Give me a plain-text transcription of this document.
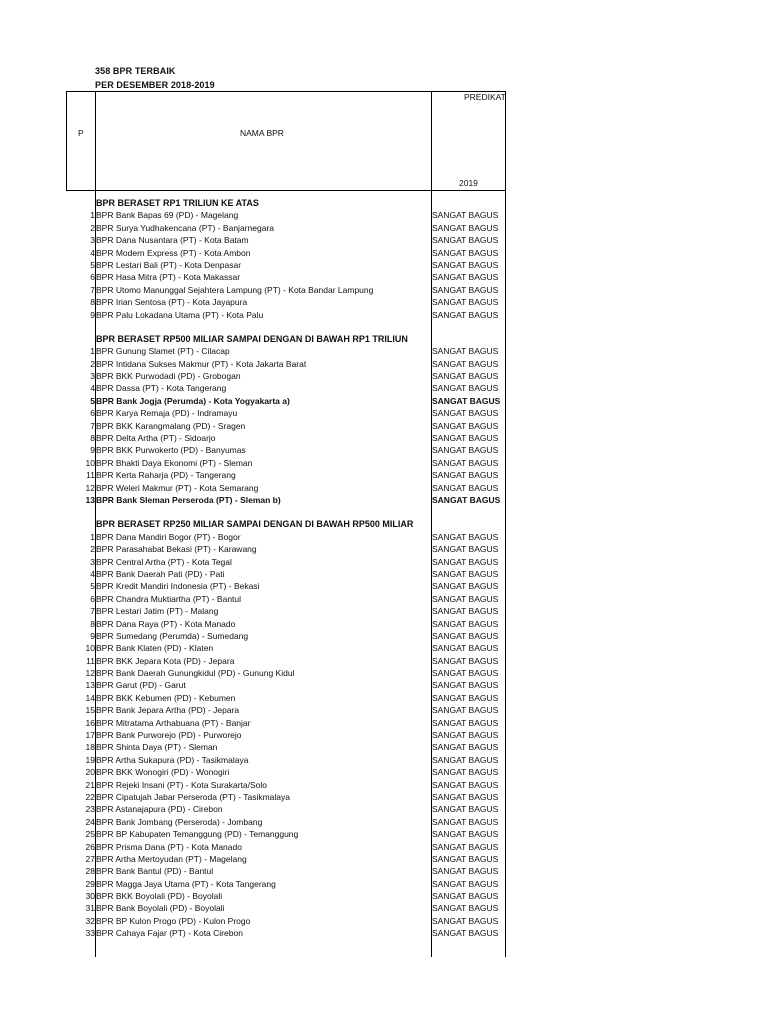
358 BPR TERBAIK
PER DESEMBER 2018-2019
P	NAMA BPR
PREDIKAT
2019
BPR BERASET RP1 TRILIUN KE ATAS
1 BPR Bank Bapas 69 (PD) - Magelang	SANGAT BAGUS
2 BPR Surya Yudhakencana (PT) - Banjarnegara	SANGAT BAGUS
3 BPR Dana Nusantara (PT) - Kota Batam	SANGAT BAGUS
4 BPR Modern Express (PT) - Kota Ambon	SANGAT BAGUS
5 BPR Lestari Bali (PT) - Kota Denpasar	SANGAT BAGUS
6 BPR Hasa Mitra (PT) - Kota Makassar	SANGAT BAGUS
7 BPR Utomo Manunggal Sejahtera Lampung (PT) - Kota Bandar Lampung	SANGAT BAGUS
8 BPR Irian Sentosa (PT) - Kota Jayapura	SANGAT BAGUS
9 BPR Palu Lokadana Utama (PT) - Kota Palu	SANGAT BAGUS
BPR BERASET RP500 MILIAR SAMPAI DENGAN DI BAWAH RP1 TRILIUN
1 BPR Gunung Slamet (PT) - Cilacap	SANGAT BAGUS
2 BPR Intidana Sukses Makmur (PT) - Kota Jakarta Barat	SANGAT BAGUS
3 BPR BKK Purwodadi (PD) - Grobogan	SANGAT BAGUS
4 BPR Dassa (PT) - Kota Tangerang	SANGAT BAGUS
5 BPR Bank Jogja (Perumda) - Kota Yogyakarta a)	SANGAT BAGUS
6 BPR Karya Remaja (PD) - Indramayu	SANGAT BAGUS
7 BPR BKK Karangmalang (PD) - Sragen	SANGAT BAGUS
8 BPR Delta Artha (PT) - Sidoarjo	SANGAT BAGUS
9 BPR BKK Purwokerto (PD) - Banyumas	SANGAT BAGUS
10 BPR Bhakti Daya Ekonomi (PT) - Sleman	SANGAT BAGUS
11 BPR Kerta Raharja (PD) - Tangerang	SANGAT BAGUS
12 BPR Weleri Makmur (PT) - Kota Semarang	SANGAT BAGUS
13 BPR Bank Sleman Perseroda (PT) - Sleman b)	SANGAT BAGUS
BPR BERASET RP250 MILIAR SAMPAI DENGAN DI BAWAH RP500 MILIAR
1 BPR Dana Mandiri Bogor (PT) - Bogor	SANGAT BAGUS
2 BPR Parasahabat Bekasi (PT) - Karawang	SANGAT BAGUS
3 BPR Central Artha (PT) - Kota Tegal	SANGAT BAGUS
4 BPR Bank Daerah Pati (PD) - Pati	SANGAT BAGUS
5 BPR Kredit Mandiri Indonesia (PT) - Bekasi	SANGAT BAGUS
6 BPR Chandra Muktiartha (PT) - Bantul	SANGAT BAGUS
7 BPR Lestari Jatim (PT) - Malang	SANGAT BAGUS
8 BPR Dana Raya (PT) - Kota Manado	SANGAT BAGUS
9 BPR Sumedang (Perumda) - Sumedang	SANGAT BAGUS
10 BPR Bank Klaten (PD) - Klaten	SANGAT BAGUS
11 BPR BKK Jepara Kota (PD) - Jepara	SANGAT BAGUS
12 BPR Bank Daerah Gunungkidul (PD) - Gunung Kidul	SANGAT BAGUS
13 BPR Garut (PD) - Garut	SANGAT BAGUS
14 BPR BKK Kebumen (PD) - Kebumen	SANGAT BAGUS
15 BPR Bank Jepara Artha (PD) - Jepara	SANGAT BAGUS
16 BPR Mitratama Arthabuana (PT) - Banjar	SANGAT BAGUS
17 BPR Bank Purworejo (PD) - Purworejo	SANGAT BAGUS
18 BPR Shinta Daya (PT) - Sleman	SANGAT BAGUS
19 BPR Artha Sukapura (PD) - Tasikmalaya	SANGAT BAGUS
20 BPR BKK Wonogiri (PD) - Wonogiri	SANGAT BAGUS
21 BPR Rejeki Insani (PT) - Kota Surakarta/Solo	SANGAT BAGUS
22 BPR Cipatujah Jabar Perseroda (PT) - Tasikmalaya	SANGAT BAGUS
23 BPR Astanajapura (PD) - Cirebon	SANGAT BAGUS
24 BPR Bank Jombang (Perseroda) - Jombang	SANGAT BAGUS
25 BPR BP Kabupaten Temanggung (PD) - Temanggung	SANGAT BAGUS
26 BPR Prisma Dana (PT) - Kota Manado	SANGAT BAGUS
27 BPR Artha Mertoyudan (PT) - Magelang	SANGAT BAGUS
28 BPR Bank Bantul (PD) - Bantul	SANGAT BAGUS
29 BPR Magga Jaya Utama (PT) - Kota Tangerang	SANGAT BAGUS
30 BPR BKK Boyolali (PD) - Boyolali	SANGAT BAGUS
31 BPR Bank Boyolali (PD) - Boyolali	SANGAT BAGUS
32 BPR BP Kulon Progo (PD) - Kulon Progo	SANGAT BAGUS
33 BPR Cahaya Fajar (PT) - Kota Cirebon	SANGAT BAGUS
